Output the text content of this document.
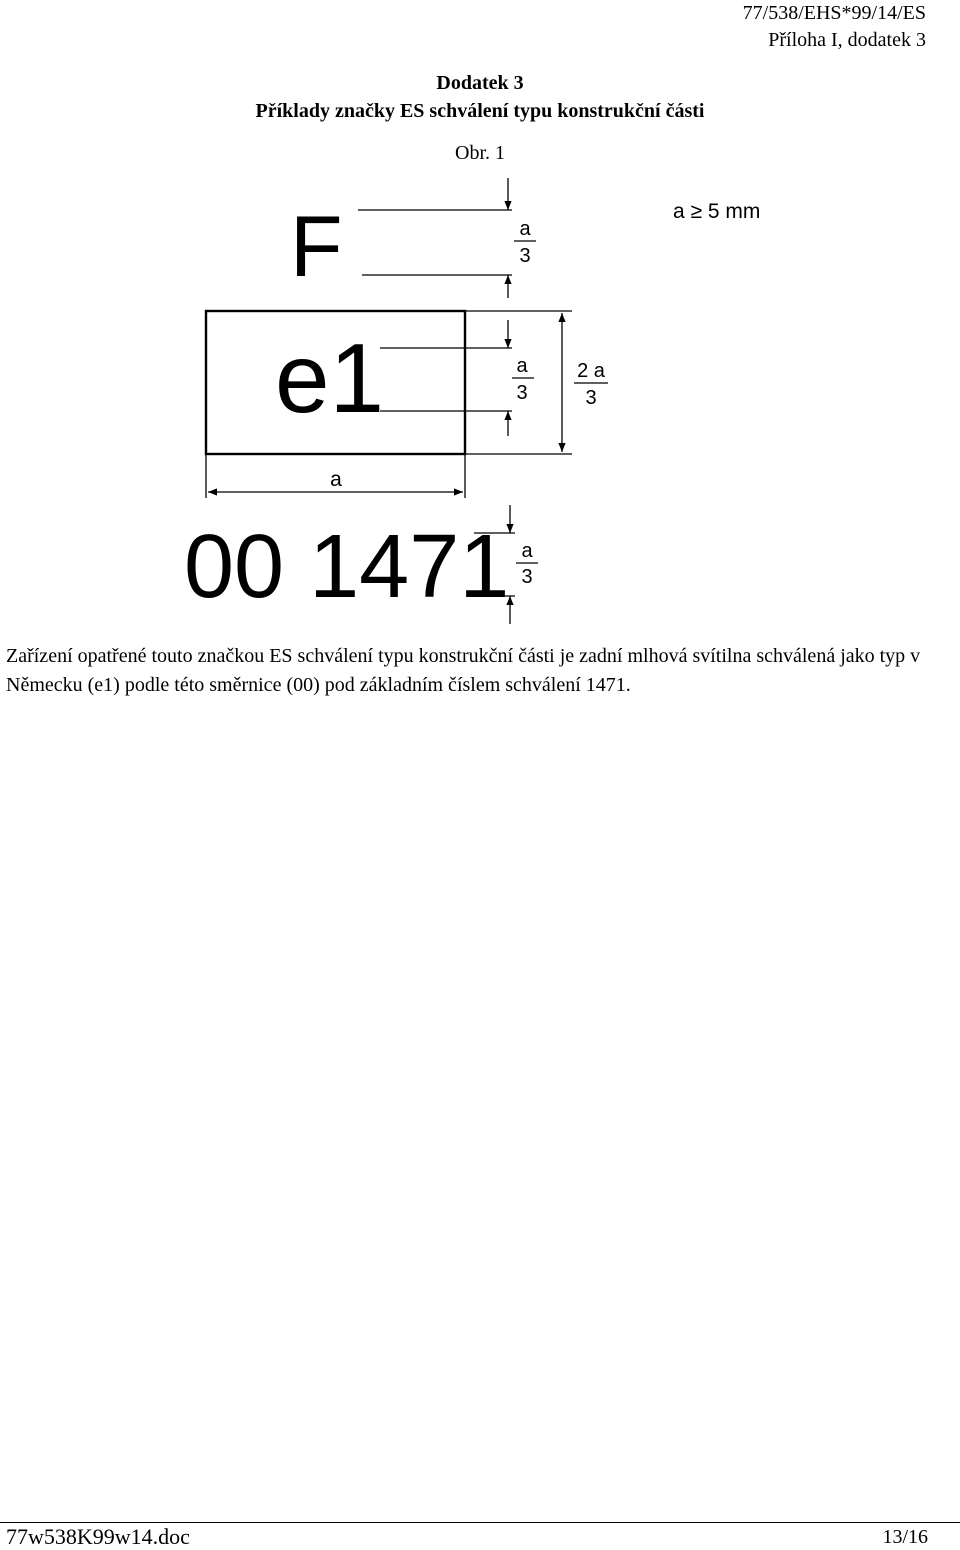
77/538/EHS*99/14/ES
Příloha I, dodatek 3
Dodatek 3
Příklady značky ES schválení typu konstrukční části
Obr. 1
F	a
3
a ≥ 5 mm
e1	a
3
2 a
3
a
00 1471 a
3
Zařízení opatřené touto značkou ES schválení typu konstrukční části je zadní mlhová svítilna schválená jako typ v Německu (e1) podle této směrnice (00) pod základním číslem schválení 1471.
77w538K99w14.doc	13/16
